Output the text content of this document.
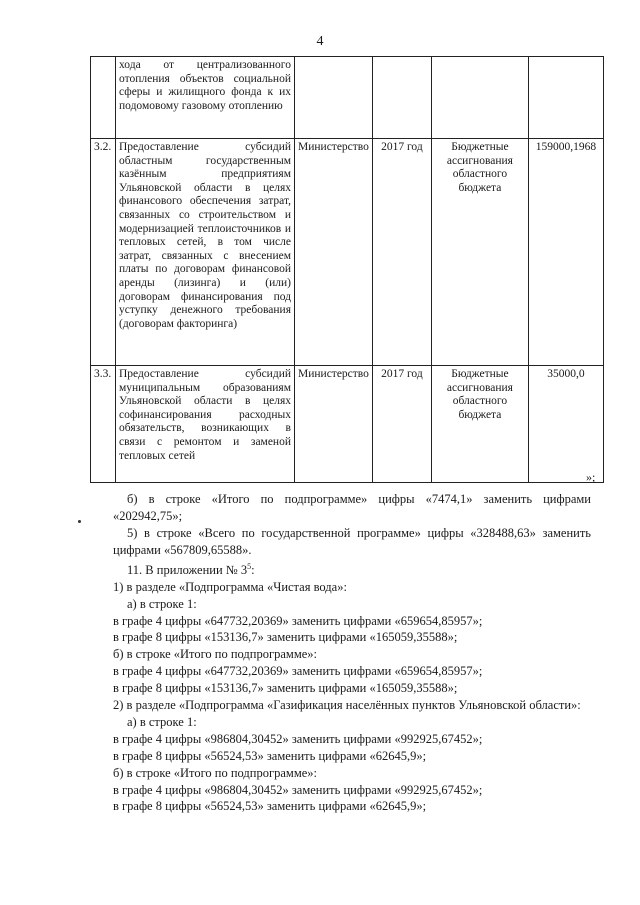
4
	хода от централизованного отопления объектов социальной сферы и жилищного фонда к их подомовому газовому отоплению				
3.2.	Предоставление субсидий областным государственным казённым предприятиям Ульяновской области в целях финансового обеспечения затрат, связанных со строительством и модернизацией теплоисточников и тепловых сетей, в том числе затрат, связанных с внесением платы по договорам финансовой аренды (лизинга) и (или) договорам финансирования под уступку денежного требования (договорам факторинга)	Министерство	2017 год	Бюджетные ассигнования областного бюджета	159000,1968
3.3.	Предоставление субсидий муниципальным образованиям Ульяновской области в целях софинансирования расходных обязательств, возникающих в связи с ремонтом и заменой тепловых сетей	Министерство	2017 год	Бюджетные ассигнования областного бюджета	35000,0
»;

б) в строке «Итого по подпрограмме» цифры «7474,1» заменить цифрами «202942,75»;

5) в строке «Всего по государственной программе» цифры «328488,63» заменить цифрами «567809,65588».

11. В приложении № $3^5$:

1) в разделе «Подпрограмма «Чистая вода»:

а) в строке 1:

в графе 4 цифры «647732,20369» заменить цифрами «659654,85957»;

в графе 8 цифры «153136,7» заменить цифрами «165059,35588»;

б) в строке «Итого по подпрограмме»:

в графе 4 цифры «647732,20369» заменить цифрами «659654,85957»;

в графе 8 цифры «153136,7» заменить цифрами «165059,35588»;

2) в разделе «Подпрограмма «Газификация населённых пунктов Ульяновской области»:

а) в строке 1:

в графе 4 цифры «986804,30452» заменить цифрами «992925,67452»;

в графе 8 цифры «56524,53» заменить цифрами «62645,9»;

б) в строке «Итого по подпрограмме»:

в графе 4 цифры «986804,30452» заменить цифрами «992925,67452»;

в графе 8 цифры «56524,53» заменить цифрами «62645,9»;
